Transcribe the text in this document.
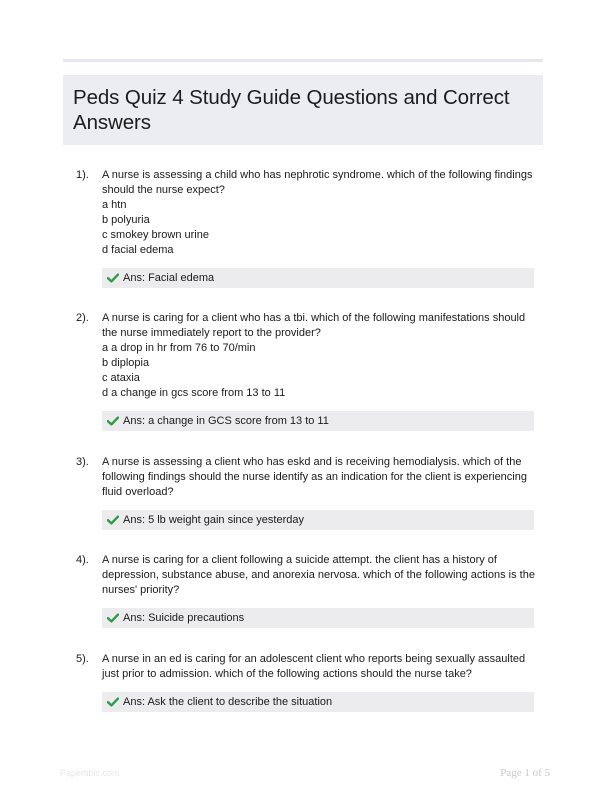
Peds Quiz 4 Study Guide Questions and Correct Answers
1). A nurse is assessing a child who has nephrotic syndrome. which of the following findings should the nurse expect?
a htn
b polyuria
c smokey brown urine
d facial edema
Ans: Facial edema
2). A nurse is caring for a client who has a tbi. which of the following manifestations should the nurse immediately report to the provider?
a a drop in hr from 76 to 70/min
b diplopia
c ataxia
d a change in gcs score from 13 to 11
Ans: a change in GCS score from 13 to 11
3). A nurse is assessing a client who has eskd and is receiving hemodialysis. which of the following findings should the nurse identify as an indication for the client is experiencing fluid overload?
Ans: 5 lb weight gain since yesterday
4). A nurse is caring for a client following a suicide attempt. the client has a history of depression, substance abuse, and anorexia nervosa. which of the following actions is the nurses' priority?
Ans: Suicide precautions
5). A nurse in an ed is caring for an adolescent client who reports being sexually assaulted just prior to admission. which of the following actions should the nurse take?
Ans: Ask the client to describe the situation
Papertiblc.com	Page 1 of 5
